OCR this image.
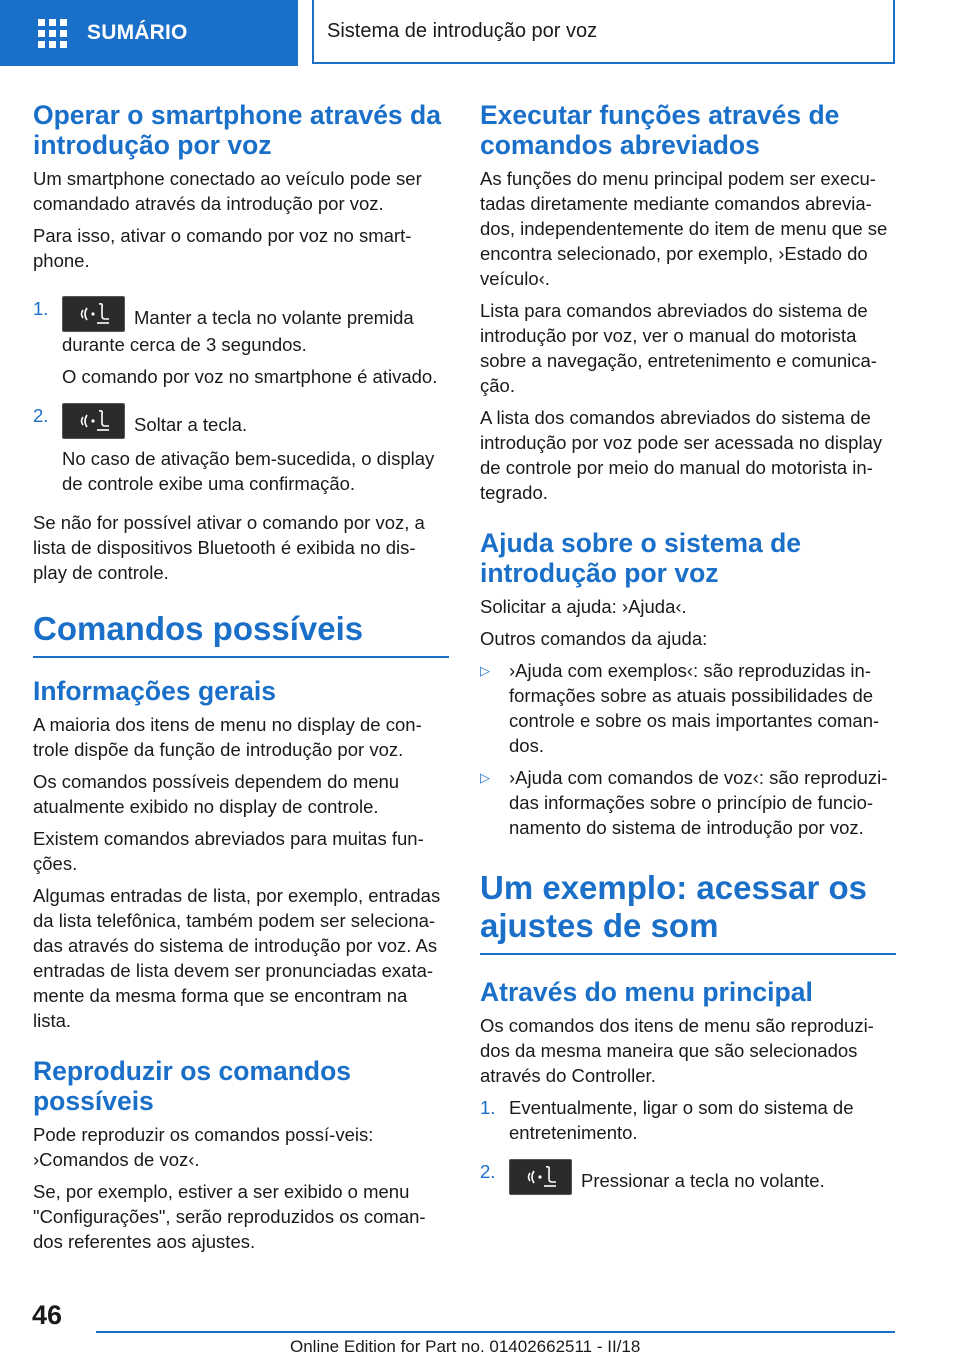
SUMÁRIO	Sistema de introdução por voz
Operar o smartphone através da introdução por voz

Um smartphone conectado ao veículo pode ser comandado através da introdução por voz.

Para isso, ativar o comando por voz no smart‐phone.

1.	Manter a tecla no volante premida durante cerca de 3 segundos.

O comando por voz no smartphone é ativado.

2.	Soltar a tecla.

No caso de ativação bem-sucedida, o display de controle exibe uma confirmação.

Se não for possível ativar o comando por voz, a lista de dispositivos Bluetooth é exibida no dis‐play de controle.

Comandos possíveis
Informações gerais

A maioria dos itens de menu no display de con‐trole dispõe da função de introdução por voz.

Os comandos possíveis dependem do menu atualmente exibido no display de controle.

Existem comandos abreviados para muitas fun‐ções.

Algumas entradas de lista, por exemplo, entradas da lista telefônica, também podem ser seleciona‐das através do sistema de introdução por voz. As entradas de lista devem ser pronunciadas exata‐mente da mesma forma que se encontram na lista.

Reproduzir os comandos possíveis

Pode reproduzir os comandos possí‐veis: ›Comandos de voz‹.

Se, por exemplo, estiver a ser exibido o menu "Configurações", serão reproduzidos os coman‐dos referentes aos ajustes.

Executar funções através de comandos abreviados

As funções do menu principal podem ser execu‐tadas diretamente mediante comandos abrevia‐dos, independentemente do item de menu que se encontra selecionado, por exemplo, ›Estado do veículo‹.

Lista para comandos abreviados do sistema de introdução por voz, ver o manual do motorista sobre a navegação, entretenimento e comunica‐ção.

A lista dos comandos abreviados do sistema de introdução por voz pode ser acessada no display de controle por meio do manual do motorista in‐tegrado.

Ajuda sobre o sistema de introdução por voz

Solicitar a ajuda: ›Ajuda‹.

Outros comandos da ajuda:

▷	›Ajuda com exemplos‹: são reproduzidas in‐formações sobre as atuais possibilidades de controle e sobre os mais importantes coman‐dos.
▷	›Ajuda com comandos de voz‹: são reproduzi‐das informações sobre o princípio de funcio‐namento do sistema de introdução por voz.
Um exemplo: acessar os ajustes de som
Através do menu principal

Os comandos dos itens de menu são reproduzi‐dos da mesma maneira que são selecionados através do Controller.

1. Eventualmente, ligar o som do sistema de entretenimento.

2.	Pressionar a tecla no volante.

46
Online Edition for Part no. 01402662511 - II/18
